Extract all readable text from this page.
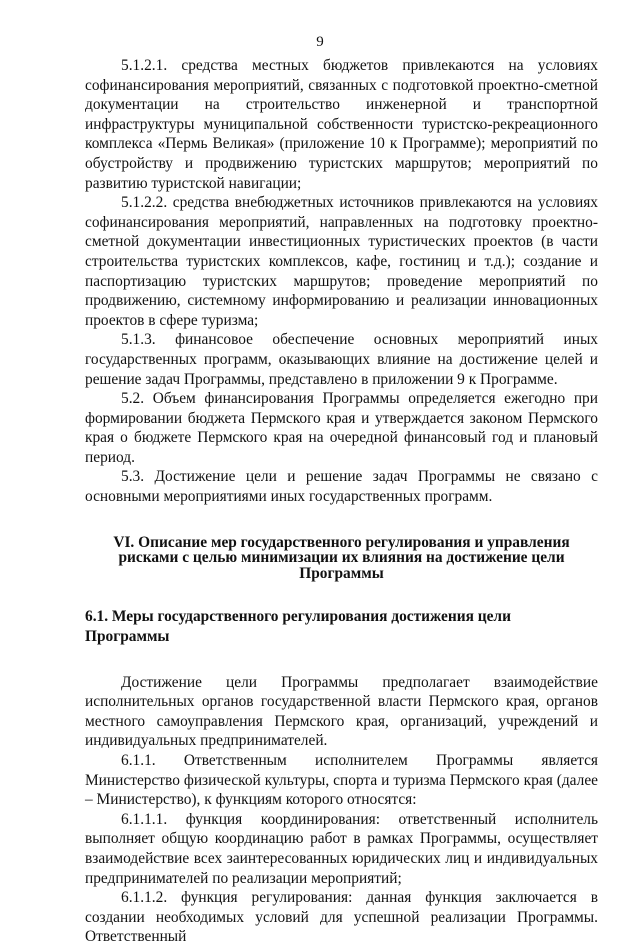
9

5.1.2.1. средства местных бюджетов привлекаются на условиях софинансирования мероприятий, связанных с подготовкой проектно-сметной документации на строительство инженерной и транспортной инфраструктуры муниципальной собственности туристско-рекреационного комплекса «Пермь Великая» (приложение 10 к Программе); мероприятий по обустройству и продвижению туристских маршрутов; мероприятий по развитию туристской навигации;

5.1.2.2. средства внебюджетных источников привлекаются на условиях софинансирования мероприятий, направленных на подготовку проектно-сметной документации инвестиционных туристических проектов (в части строительства туристских комплексов, кафе, гостиниц и т.д.); создание и паспортизацию туристских маршрутов; проведение мероприятий по продвижению, системному информированию и реализации инновационных проектов в сфере туризма;

5.1.3. финансовое обеспечение основных мероприятий иных государственных программ, оказывающих влияние на достижение целей и решение задач Программы, представлено в приложении 9 к Программе.

5.2. Объем финансирования Программы определяется ежегодно при формировании бюджета Пермского края и утверждается законом Пермского края о бюджете Пермского края на очередной финансовый год и плановый период.

5.3. Достижение цели и решение задач Программы не связано с основными мероприятиями иных государственных программ.

VI. Описание мер государственного регулирования и управления рисками с целью минимизации их влияния на достижение цели Программы
6.1. Меры государственного регулирования достижения цели Программы

Достижение цели Программы предполагает взаимодействие исполнительных органов государственной власти Пермского края, органов местного самоуправления Пермского края, организаций, учреждений и индивидуальных предпринимателей.

6.1.1. Ответственным исполнителем Программы является Министерство физической культуры, спорта и туризма Пермского края (далее – Министерство), к функциям которого относятся:

6.1.1.1. функция координирования: ответственный исполнитель выполняет общую координацию работ в рамках Программы, осуществляет взаимодействие всех заинтересованных юридических лиц и индивидуальных предпринимателей по реализации мероприятий;

6.1.1.2. функция регулирования: данная функция заключается в создании необходимых условий для успешной реализации Программы. Ответственный
